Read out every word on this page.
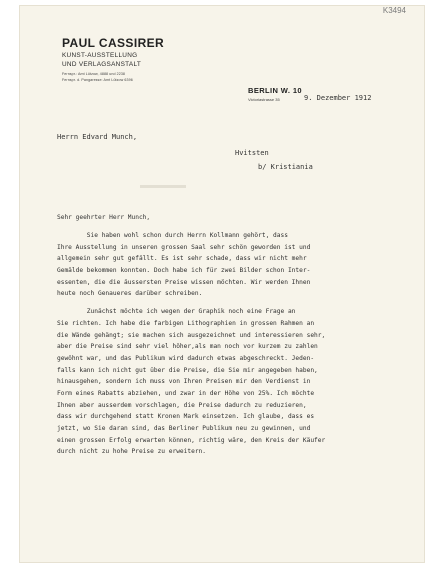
K3494
PAUL CASSIRER
KUNST-AUSSTELLUNG
UND VERLAGSANSTALT
Fernspr.: Amt Lützow, 4888 und 2238
Fernspr. d. Pangaresse: Amt Lützow 6396
BERLIN W. 10
Victoriastrasse 35	9. Dezember 1912
Herrn Edvard Munch,
Hvitsten
b/ Kristiania
Sehr geehrter Herr Munch,
Sie haben wohl schon durch Herrn Kollmann gehört, dass
Ihre Ausstellung in unseren grossen Saal sehr schön geworden ist und
allgemein sehr gut gefällt. Es ist sehr schade, dass wir nicht mehr
Gemälde bekommen konnten. Doch habe ich für zwei Bilder schon Inter-
essenten, die die äussersten Preise wissen möchten. Wir werden Ihnen
heute noch Genaueres darüber schreiben.
Zunächst möchte ich wegen der Graphik noch eine Frage an
Sie richten. Ich habe die farbigen Lithographien in grossen Rahmen an
die Wände gehängt; sie machen sich ausgezeichnet und interessieren sehr,
aber die Preise sind sehr viel höher,als man noch vor kurzem zu zahlen
gewöhnt war, und das Publikum wird dadurch etwas abgeschreckt. Jeden-
falls kann ich nicht gut über die Preise, die Sie mir angegeben haben,
hinausgehen, sondern ich muss von Ihren Preisen mir den Verdienst in
Form eines Rabatts abziehen, und zwar in der Höhe von 25%. Ich möchte
Ihnen aber ausserdem vorschlagen, die Preise dadurch zu reduzieren,
dass wir durchgehend statt Kronen Mark einsetzen. Ich glaube, dass es
jetzt, wo Sie daran sind, das Berliner Publikum neu zu gewinnen, und
einen grossen Erfolg erwarten können, richtig wäre, den Kreis der Käufer
durch nicht zu hohe Preise zu erweitern.
